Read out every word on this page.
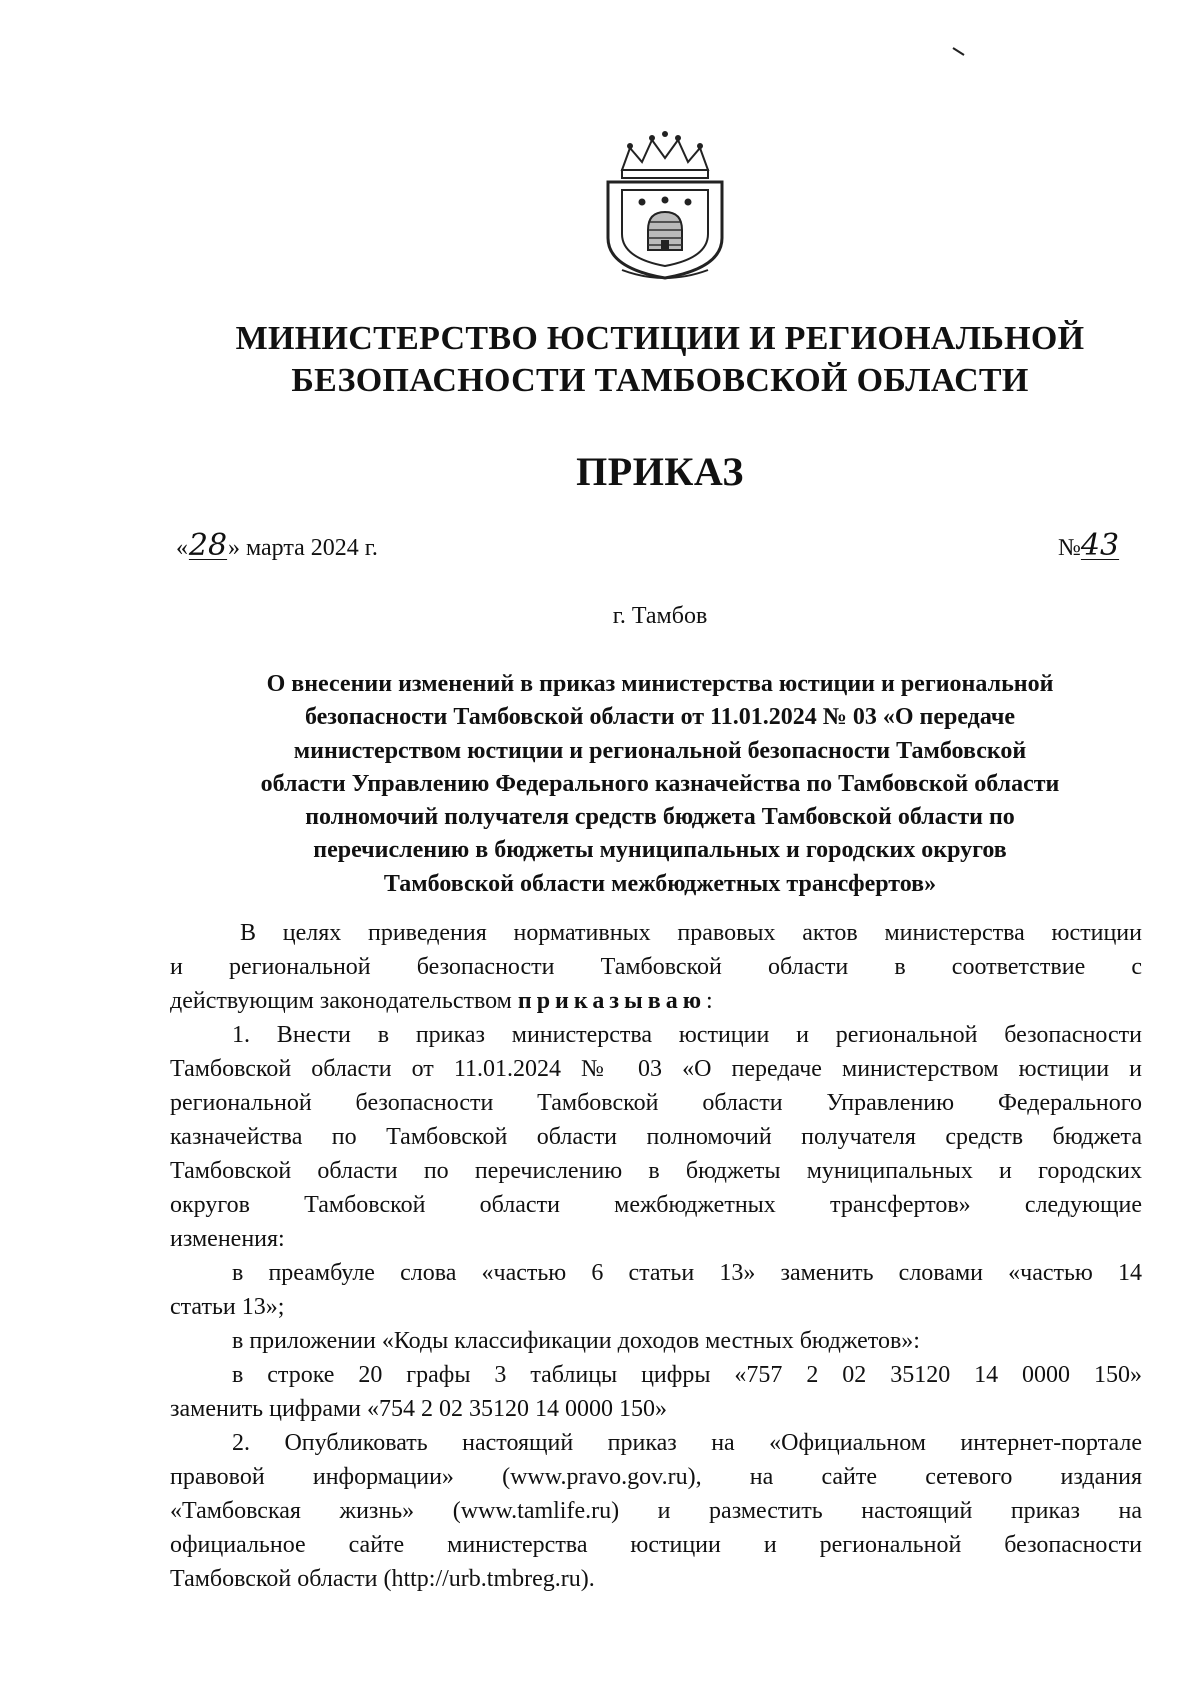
МИНИСТЕРСТВО ЮСТИЦИИ И РЕГИОНАЛЬНОЙ
БЕЗОПАСНОСТИ ТАМБОВСКОЙ ОБЛАСТИ
ПРИКАЗ
«28» марта 2024 г.	№43
г. Тамбов
О внесении изменений в приказ министерства юстиции и региональной
безопасности Тамбовской области от 11.01.2024 № 03 «О передаче
министерством юстиции и региональной безопасности Тамбовской
области Управлению Федерального казначейства по Тамбовской области
полномочий получателя средств бюджета Тамбовской области по
перечислению в бюджеты муниципальных и городских округов
Тамбовской области межбюджетных трансфертов»
В целях приведения нормативных правовых актов министерства юстиции
и региональной безопасности Тамбовской области в соответствие с
действующим законодательством приказываю:
1. Внести в приказ министерства юстиции и региональной безопасности
Тамбовской области от 11.01.2024 № 03 «О передаче министерством юстиции и
региональной безопасности Тамбовской области Управлению Федерального
казначейства по Тамбовской области полномочий получателя средств бюджета
Тамбовской области по перечислению в бюджеты муниципальных и городских
округов Тамбовской области межбюджетных трансфертов» следующие
изменения:
в преамбуле слова «частью 6 статьи 13» заменить словами «частью 14
статьи 13»;
в приложении «Коды классификации доходов местных бюджетов»:
в строке 20 графы 3 таблицы цифры «757 2 02 35120 14 0000 150»
заменить цифрами «754 2 02 35120 14 0000 150»
2. Опубликовать настоящий приказ на «Официальном интернет-портале
правовой информации» (www.pravo.gov.ru), на сайте сетевого издания
«Тамбовская жизнь» (www.tamlife.ru) и разместить настоящий приказ на
официальное сайте министерства юстиции и региональной безопасности
Тамбовской области (http://urb.tmbreg.ru).
